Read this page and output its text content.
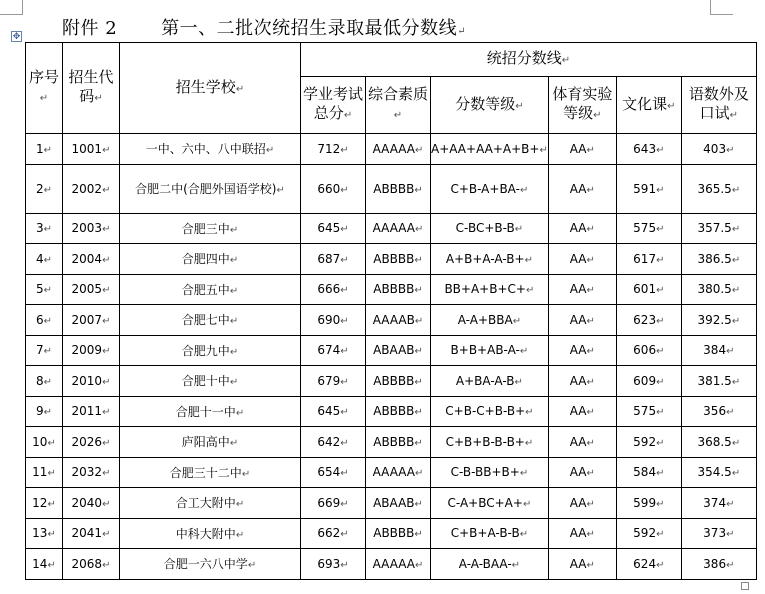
✥ 附件 2 第一、二批次统招生录取最低分数线↵
序号↵	招生代码↵	招生学校↵	统招分数线↵					
			学业考试总分↵	综合素质↵	分数等级↵	体育实验等级↵	文化课↵	语数外及口试↵
1↵	1001↵	一中、六中、八中联招↵	712↵	AAAAA↵	A+AA+AA+A+B+↵	AA↵	643↵	403↵
2↵	2002↵	合肥二中(合肥外国语学校)↵	660↵	ABBBB↵	C+B-A+BA-↵	AA↵	591↵	365.5↵
3↵	2003↵	合肥三中↵	645↵	AAAAA↵	C-BC+B-B↵	AA↵	575↵	357.5↵
4↵	2004↵	合肥四中↵	687↵	ABBBB↵	A+B+A-A-B+↵	AA↵	617↵	386.5↵
5↵	2005↵	合肥五中↵	666↵	ABBBB↵	BB+A+B+C+↵	AA↵	601↵	380.5↵
6↵	2007↵	合肥七中↵	690↵	AAAAB↵	A-A+BBA↵	AA↵	623↵	392.5↵
7↵	2009↵	合肥九中↵	674↵	ABAAB↵	B+B+AB-A-↵	AA↵	606↵	384↵
8↵	2010↵	合肥十中↵	679↵	ABBBB↵	A+BA-A-B↵	AA↵	609↵	381.5↵
9↵	2011↵	合肥十一中↵	645↵	ABBBB↵	C+B-C+B-B+↵	AA↵	575↵	356↵
10↵	2026↵	庐阳高中↵	642↵	ABBBB↵	C+B+B-B-B+↵	AA↵	592↵	368.5↵
11↵	2032↵	合肥三十二中↵	654↵	AAAAA↵	C-B-BB+B+↵	AA↵	584↵	354.5↵
12↵	2040↵	合工大附中↵	669↵	ABAAB↵	C-A+BC+A+↵	AA↵	599↵	374↵
13↵	2041↵	中科大附中↵	662↵	ABBBB↵	C+B+A-B-B↵	AA↵	592↵	373↵
14↵	2068↵	合肥一六八中学↵	693↵	AAAAA↵	A-A-BAA-↵	AA↵	624↵	386↵
